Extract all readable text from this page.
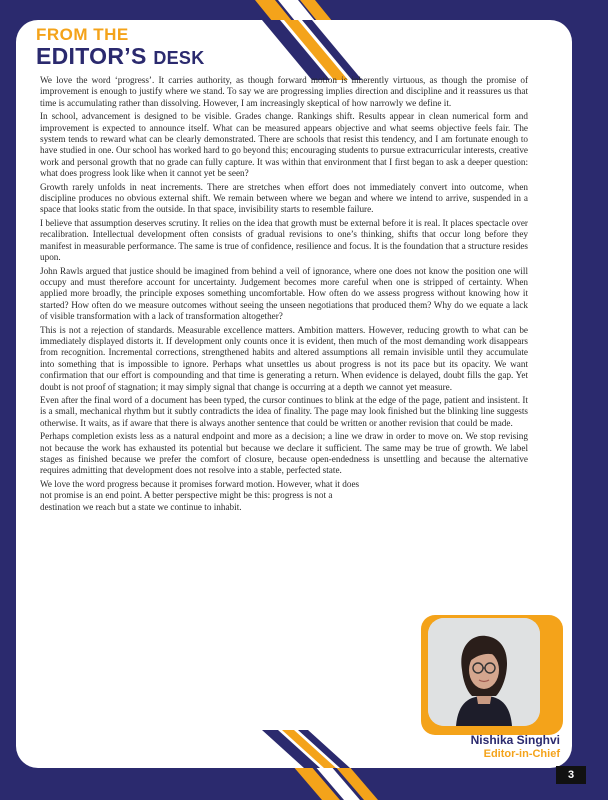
FROM THE
EDITOR’S DESK

We love the word ‘progress’. It carries authority, as though forward motion is inherently virtuous, as though the promise of improvement is enough to justify where we stand. To say we are progressing implies direction and discipline and it reassures us that time is accumulating rather than dissolving. However, I am increasingly skeptical of how narrowly we define it.

In school, advancement is designed to be visible. Grades change. Rankings shift. Results appear in clean numerical form and improvement is expected to announce itself. What can be measured appears objective and what seems objective feels fair. The system tends to reward what can be clearly demonstrated. There are schools that resist this tendency, and I am fortunate enough to have studied in one. Our school has worked hard to go beyond this; encouraging students to pursue extracurricular interests, creative work and personal growth that no grade can fully capture. It was within that environment that I first began to ask a deeper question: what does progress look like when it cannot yet be seen?

Growth rarely unfolds in neat increments. There are stretches when effort does not immediately convert into outcome, when discipline produces no obvious external shift. We remain between where we began and where we intend to arrive, suspended in a space that looks static from the outside. In that space, invisibility starts to resemble failure.

I believe that assumption deserves scrutiny. It relies on the idea that growth must be external before it is real. It places spectacle over recalibration. Intellectual development often consists of gradual revisions to one’s thinking, shifts that occur long before they manifest in measurable performance. The same is true of confidence, resilience and focus. It is the foundation that a structure resides upon.

John Rawls argued that justice should be imagined from behind a veil of ignorance, where one does not know the position one will occupy and must therefore account for uncertainty. Judgement becomes more careful when one is stripped of certainty. When applied more broadly, the principle exposes something uncomfortable. How often do we assess progress without knowing how it started? How often do we measure outcomes without seeing the unseen negotiations that produced them? Why do we equate a lack of visible transformation with a lack of transformation altogether?

This is not a rejection of standards. Measurable excellence matters. Ambition matters. However, reducing growth to what can be immediately displayed distorts it. If development only counts once it is evident, then much of the most demanding work disappears from recognition. Incremental corrections, strengthened habits and altered assumptions all remain invisible until they accumulate into something that is impossible to ignore. Perhaps what unsettles us about progress is not its pace but its opacity. We want confirmation that our effort is compounding and that time is generating a return. When evidence is delayed, doubt fills the gap. Yet doubt is not proof of stagnation; it may simply signal that change is occurring at a depth we cannot yet measure.

Even after the final word of a document has been typed, the cursor continues to blink at the edge of the page, patient and insistent. It is a small, mechanical rhythm but it subtly contradicts the idea of finality. The page may look finished but the blinking line suggests otherwise. It waits, as if aware that there is always another sentence that could be written or another revision that could be made.

Perhaps completion exists less as a natural endpoint and more as a decision; a line we draw in order to move on. We stop revising not because the work has exhausted its potential but because we declare it sufficient. The same may be true of growth. We label stages as finished because we prefer the comfort of closure, because open-endedness is unsettling and because the alternative requires admitting that development does not resolve into a stable, perfected state.

We love the word progress because it promises forward motion. However, what it does not promise is an end point. A better perspective might be this: progress is not a destination we reach but a state we continue to inhabit.

Nishika Singhvi
Editor-in-Chief
3
